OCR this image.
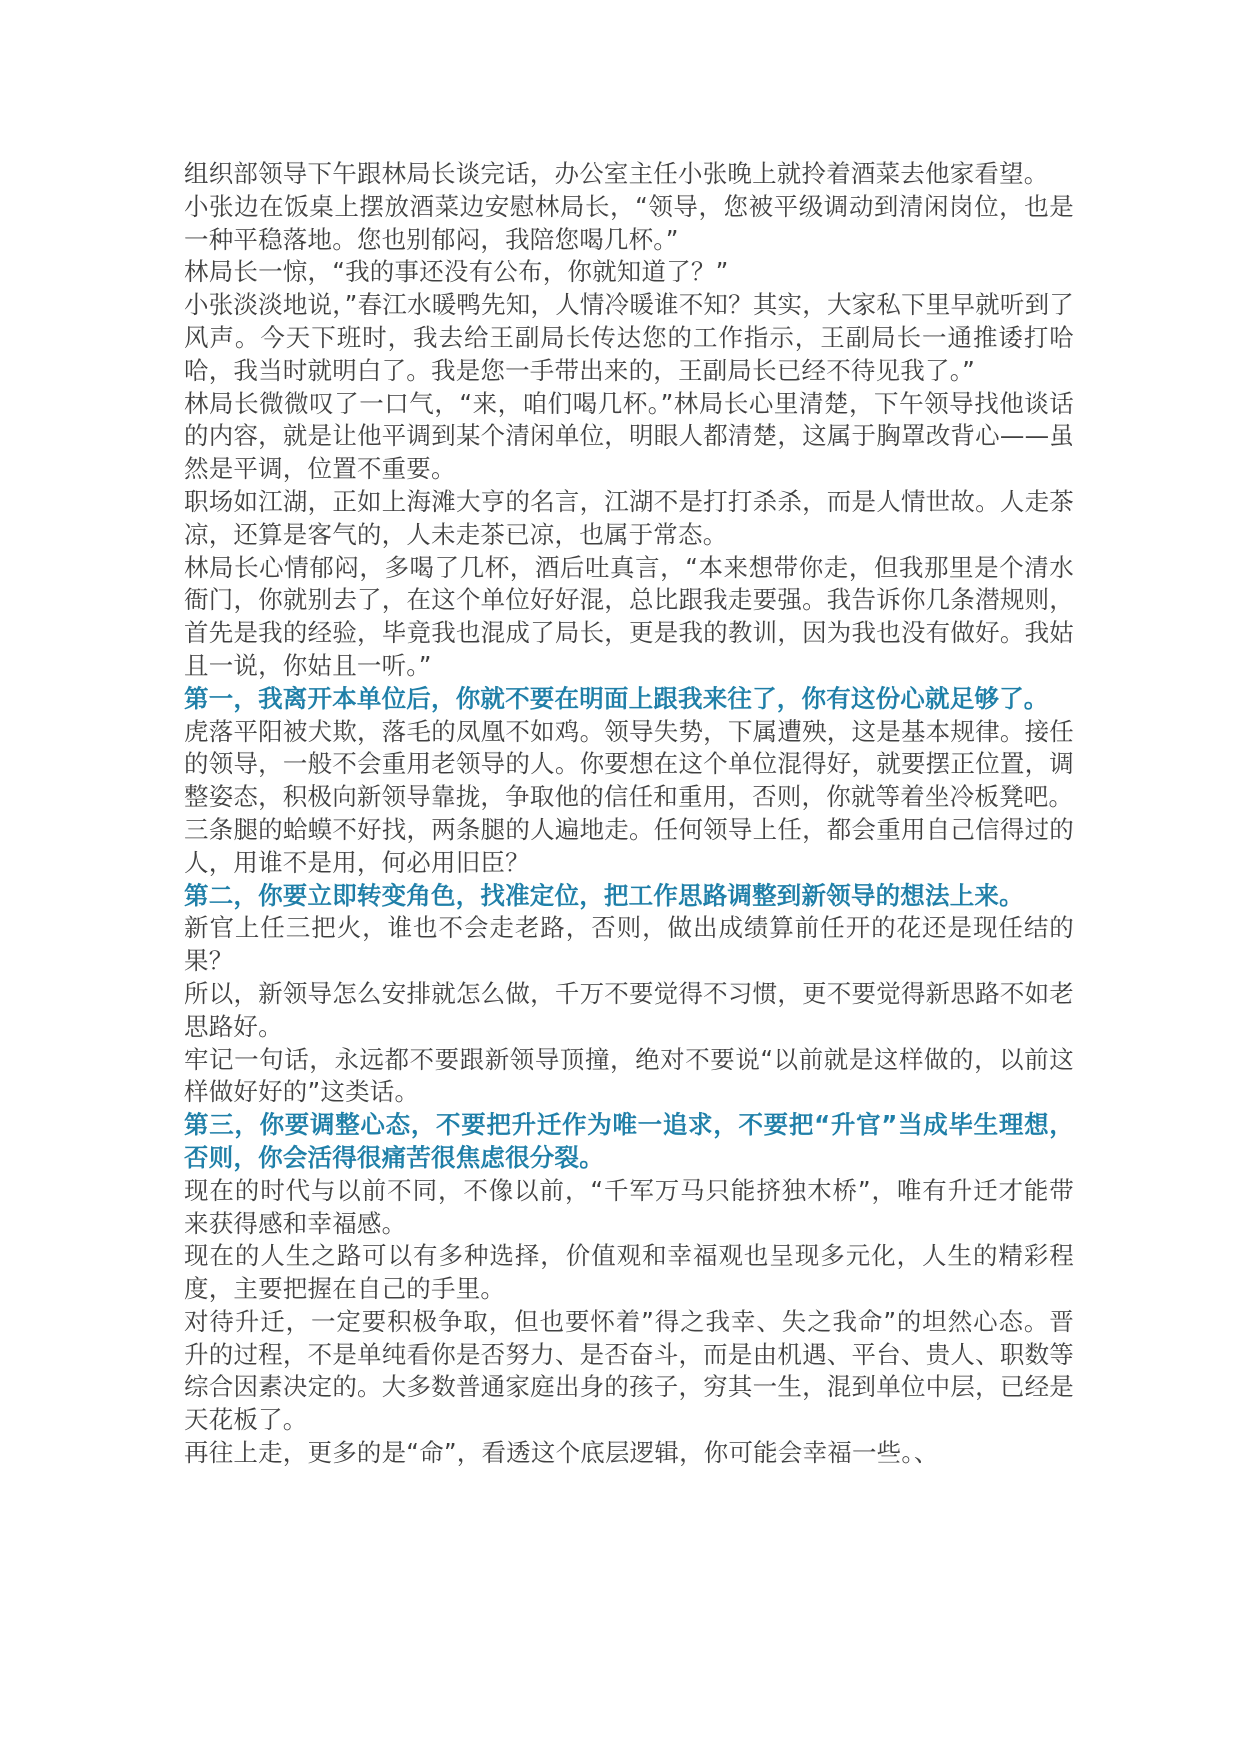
组织部领导下午跟林局长谈完话，办公室主任小张晚上就拎着酒菜去他家看望。

小张边在饭桌上摆放酒菜边安慰林局长，“领导，您被平级调动到清闲岗位，也是一种平稳落地。您也别郁闷，我陪您喝几杯。”

林局长一惊，“我的事还没有公布，你就知道了？”

小张淡淡地说，”春江水暖鸭先知，人情冷暖谁不知？其实，大家私下里早就听到了风声。今天下班时，我去给王副局长传达您的工作指示，王副局长一通推诿打哈哈，我当时就明白了。我是您一手带出来的，王副局长已经不待见我了。”

林局长微微叹了一口气，“来，咱们喝几杯。”林局长心里清楚，下午领导找他谈话的内容，就是让他平调到某个清闲单位，明眼人都清楚，这属于胸罩改背心——虽然是平调，位置不重要。

职场如江湖，正如上海滩大亨的名言，江湖不是打打杀杀，而是人情世故。人走茶凉，还算是客气的，人未走茶已凉，也属于常态。

林局长心情郁闷，多喝了几杯，酒后吐真言，“本来想带你走，但我那里是个清水衙门，你就别去了，在这个单位好好混，总比跟我走要强。我告诉你几条潜规则，首先是我的经验，毕竟我也混成了局长，更是我的教训，因为我也没有做好。我姑且一说，你姑且一听。”

第一，我离开本单位后，你就不要在明面上跟我来往了，你有这份心就足够了。

虎落平阳被犬欺，落毛的凤凰不如鸡。领导失势，下属遭殃，这是基本规律。接任的领导，一般不会重用老领导的人。你要想在这个单位混得好，就要摆正位置，调整姿态，积极向新领导靠拢，争取他的信任和重用，否则，你就等着坐冷板凳吧。

三条腿的蛤蟆不好找，两条腿的人遍地走。任何领导上任，都会重用自己信得过的人，用谁不是用，何必用旧臣？

第二，你要立即转变角色，找准定位，把工作思路调整到新领导的想法上来。

新官上任三把火，谁也不会走老路，否则，做出成绩算前任开的花还是现任结的果？

所以，新领导怎么安排就怎么做，千万不要觉得不习惯，更不要觉得新思路不如老思路好。

牢记一句话，永远都不要跟新领导顶撞，绝对不要说“以前就是这样做的，以前这样做好好的”这类话。

第三，你要调整心态，不要把升迁作为唯一追求，不要把“升官”当成毕生理想，否则，你会活得很痛苦很焦虑很分裂。

现在的时代与以前不同，不像以前，“千军万马只能挤独木桥”，唯有升迁才能带来获得感和幸福感。

现在的人生之路可以有多种选择，价值观和幸福观也呈现多元化，人生的精彩程度，主要把握在自己的手里。

对待升迁，一定要积极争取，但也要怀着”得之我幸、失之我命”的坦然心态。晋升的过程，不是单纯看你是否努力、是否奋斗，而是由机遇、平台、贵人、职数等综合因素决定的。大多数普通家庭出身的孩子，穷其一生，混到单位中层，已经是天花板了。

再往上走，更多的是“命”，看透这个底层逻辑，你可能会幸福一些。、
